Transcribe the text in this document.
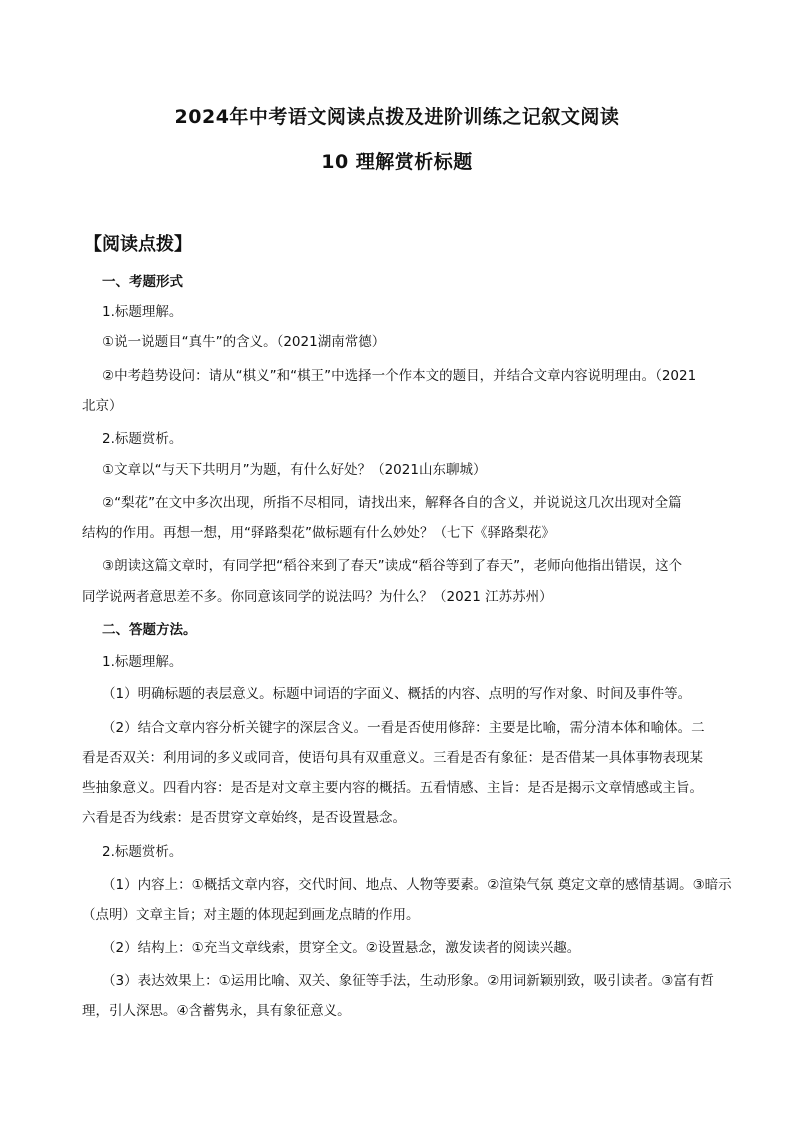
2024年中考语文阅读点拨及进阶训练之记叙文阅读
10 理解赏析标题
【阅读点拨】
一、考题形式
1.标题理解。
①说一说题目“真牛”的含义。（2021湖南常德）
②中考趋势设问：请从“棋义”和“棋王”中选择一个作本文的题目，并结合文章内容说明理由。（2021
北京）
2.标题赏析。
①文章以“与天下共明月”为题，有什么好处？（2021山东聊城）
②“梨花”在文中多次出现，所指不尽相同，请找出来，解释各自的含义，并说说这几次出现对全篇
结构的作用。再想一想，用“驿路梨花”做标题有什么妙处？（七下《驿路梨花》
③朗读这篇文章时，有同学把“稻谷来到了春天”读成“稻谷等到了春天”，老师向他指出错误，这个
同学说两者意思差不多。你同意该同学的说法吗？为什么？（2021 江苏苏州）
二、答题方法。
1.标题理解。
（1）明确标题的表层意义。标题中词语的字面义、概括的内容、点明的写作对象、时间及事件等。
（2）结合文章内容分析关键字的深层含义。一看是否使用修辞：主要是比喻，需分清本体和喻体。二
看是否双关：利用词的多义或同音，使语句具有双重意义。三看是否有象征：是否借某一具体事物表现某
些抽象意义。四看内容：是否是对文章主要内容的概括。五看情感、主旨：是否是揭示文章情感或主旨。
六看是否为线索：是否贯穿文章始终，是否设置悬念。
2.标题赏析。
（1）内容上：①概括文章内容，交代时间、地点、人物等要素。②渲染气氛 奠定文章的感情基调。③暗示
（点明）文章主旨；对主题的体现起到画龙点睛的作用。
（2）结构上：①充当文章线索，贯穿全文。②设置悬念，激发读者的阅读兴趣。
（3）表达效果上：①运用比喻、双关、象征等手法，生动形象。②用词新颖别致，吸引读者。③富有哲
理，引人深思。④含蓄隽永，具有象征意义。
